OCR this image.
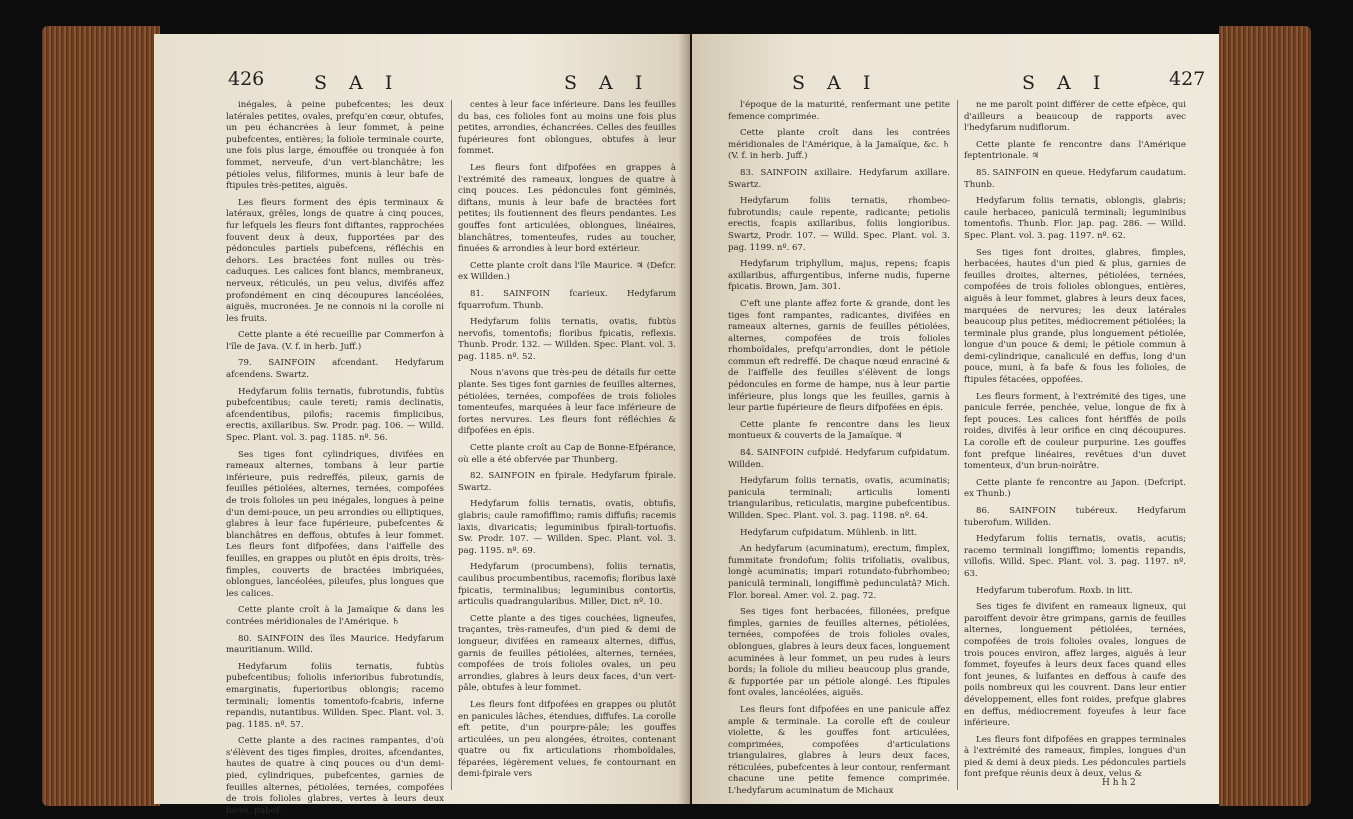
426	S A I	S A I

inégales, à peine pubefcentes; les deux latérales petites, ovales, prefqu'en cœur, obtufes, un peu échancrées à leur fommet, à peine pubefcentes, entières; la foliole terminale courte, une fois plus large, émouffée ou tronquée à fon fommet, nerveufe, d'un vert-blanchâtre; les pétioles velus, filiformes, munis à leur bafe de ftipules très-petites, aiguës.

Les fleurs forment des épis terminaux & latéraux, grêles, longs de quatre à cinq pouces, fur lefquels les fleurs font diftantes, rapprochées fouvent deux à deux, fupportées par des pédoncules partiels pubefcens, réfléchis en dehors. Les bractées font nulles ou très-caduques. Les calices font blancs, membraneux, nerveux, réticulés, un peu velus, divifés affez profondément en cinq découpures lancéolées, aiguës, mucronées. Je ne connois ni la corolle ni les fruits.

Cette plante a été recueillie par Commerfon à l'île de Java. (V. f. in herb. Juff.)

79. SAINFOIN afcendant. Hedyfarum afcendens. Swartz.

Hedyfarum foliis ternatis, fubrotundis, fubtùs pubefcentibus; caule tereti; ramis declinatis, afcendentibus, pilofis; racemis fimplicibus, erectis, axillaribus. Sw. Prodr. pag. 106. — Willd. Spec. Plant. vol. 3. pag. 1185. nº. 56.

Ses tiges font cylindriques, divifées en rameaux alternes, tombans à leur partie inférieure, puis redreffés, pileux, garnis de feuilles pétiolées, alternes, ternées, compofées de trois folioles un peu inégales, longues à peine d'un demi-pouce, un peu arrondies ou elliptiques, glabres à leur face fupérieure, pubefcentes & blanchâtres en deffous, obtufes à leur fommet. Les fleurs font difpofées, dans l'aiffelle des feuilles, en grappes ou plutôt en épis droits, très-fimples, couverts de bractées imbriquées, oblongues, lancéolées, pileufes, plus longues que les calices.

Cette plante croît à la Jamaïque & dans les contrées méridionales de l'Amérique. ♄

80. SAINFOIN des îles Maurice. Hedyfarum mauritianum. Willd.

Hedyfarum foliis ternatis, fubtùs pubefcentibus; foliolis inferioribus fubrotundis, emarginatis, fuperioribus oblongis; racemo terminali; lomentis tomentofo-fcabris, inferne repandis, nutantibus. Willden. Spec. Plant. vol. 3. pag. 1185. nº. 57.

Cette plante a des racines rampantes, d'où s'élèvent des tiges fimples, droites, afcendantes, hautes de quatre à cinq pouces ou d'un demi-pied, cylindriques, pubefcentes, garnies de feuilles alternes, pétiolées, ternées, compofées de trois folioles glabres, vertes à leurs deux faces, pubef-

centes à leur face inférieure. Dans les feuilles du bas, ces folioles font au moins une fois plus petites, arrondies, échancrées. Celles des feuilles fupérieures font oblongues, obtufes à leur fommet.

Les fleurs font difpofées en grappes à l'extrémité des rameaux, longues de quatre à cinq pouces. Les pédoncules font géminés, diftans, munis à leur bafe de bractées fort petites; ils foutiennent des fleurs pendantes. Les gouffes font articulées, oblongues, linéaires, blanchâtres, tomenteufes, rudes au toucher, finuées & arrondies à leur bord extérieur.

Cette plante croît dans l'île Maurice. ♃ (Defcr. ex Willden.)

81. SAINFOIN fcarieux. Hedyfarum fquarrofum. Thunb.

Hedyfarum foliis ternatis, ovatis, fubtùs nervofis, tomentofis; floribus fpicatis, reflexis. Thunb. Prodr. 132. — Willden. Spec. Plant. vol. 3. pag. 1185. nº. 52.

Nous n'avons que très-peu de détails fur cette plante. Ses tiges font garnies de feuilles alternes, pétiolées, ternées, compofées de trois folioles tomenteufes, marquées à leur face inférieure de fortes nervures. Les fleurs font réfléchies & difpofées en épis.

Cette plante croît au Cap de Bonne-Efpérance, où elle a été obfervée par Thunberg.

82. SAINFOIN en fpirale. Hedyfarum fpirale. Swartz.

Hedyfarum foliis ternatis, ovatis, obtufis, glabris; caule ramofiffimo; ramis diffufis; racemis laxis, divaricatis; leguminibus fpirali-tortuofis. Sw. Prodr. 107. — Willden. Spec. Plant. vol. 3. pag. 1195. nº. 69.

Hedyfarum (procumbens), foliis ternatis, caulibus procumbentibus, racemofis; floribus laxè fpicatis, terminalibus; leguminibus contortis, articulis quadrangularibus. Miller, Dict. nº. 10.

Cette plante a des tiges couchées, ligneufes, traçantes, très-rameufes, d'un pied & demi de longueur, divifées en rameaux alternes, diffus, garnis de feuilles pétiolées, alternes, ternées, compofées de trois folioles ovales, un peu arrondies, glabres à leurs deux faces, d'un vert-pâle, obtufes à leur fommet.

Les fleurs font difpofées en grappes ou plutôt en panicules lâches, étendues, diffufes. La corolle eft petite, d'un pourpre-pâle; les gouffes articulées, un peu alongées, étroites, contenant quatre ou fix articulations rhomboïdales, féparées, légèrement velues, fe contournant en demi-fpirale vers

S A I	S A I	427

l'époque de la maturité, renfermant une petite femence comprimée.

Cette plante croît dans les contrées méridionales de l'Amérique, à la Jamaïque, &c. ♄ (V. f. in herb. Juff.)

83. SAINFOIN axillaire. Hedyfarum axillare. Swartz.

Hedyfarum foliis ternatis, rhombeo-fubrotundis; caule repente, radicante; petiolis erectis, fcapis axillaribus, foliis longioribus. Swartz, Prodr. 107. — Willd. Spec. Plant. vol. 3. pag. 1199. nº. 67.

Hedyfarum triphyllum, majus, repens; fcapis axillaribus, affurgentibus, inferne nudis, fuperne fpicatis. Brown, Jam. 301.

C'eft une plante affez forte & grande, dont les tiges font rampantes, radicantes, divifées en rameaux alternes, garnis de feuilles pétiolées, alternes, compofées de trois folioles rhomboïdales, prefqu'arrondies, dont le pétiole commun eft redreffé. De chaque nœud enraciné & de l'aiffelle des feuilles s'élèvent de longs pédoncules en forme de hampe, nus à leur partie inférieure, plus longs que les feuilles, garnis à leur partie fupérieure de fleurs difpofées en épis.

Cette plante fe rencontre dans les lieux montueux & couverts de la Jamaïque. ♃

84. SAINFOIN cufpidé. Hedyfarum cufpidatum. Willden.

Hedyfarum foliis ternatis, ovatis, acuminatis; panicula terminali; articulis lomenti triangularibus, reticulatis, margine pubefcentibus. Willden. Spec. Plant. vol. 3. pag. 1198. nº. 64.

Hedyfarum cufpidatum. Mühlenb. in litt.

An hedyfarum (acuminatum), erectum, fimplex, fummitate frondofum; foliis trifoliatis, ovalibus, longè acuminatis; impari rotundato-fubrhombeo; paniculâ terminali, longiffimè pedunculatâ? Mich. Flor. boreal. Amer. vol. 2. pag. 72.

Ses tiges font herbacées, fillonées, prefque fimples, garnies de feuilles alternes, pétiolées, ternées, compofées de trois folioles ovales, oblongues, glabres à leurs deux faces, longuement acuminées à leur fommet, un peu rudes à leurs bords; la foliole du milieu beaucoup plus grande, & fupportée par un pétiole alongé. Les ftipules font ovales, lancéolées, aiguës.

Les fleurs font difpofées en une panicule affez ample & terminale. La corolle eft de couleur violette, & les gouffes font articulées, comprimées, compofées d'articulations triangulaires, glabres à leurs deux faces, réticulées, pubefcentes à leur contour, renfermant chacune une petite femence comprimée. L'hedyfarum acuminatum de Michaux

ne me paroît point différer de cette efpèce, qui d'ailleurs a beaucoup de rapports avec l'hedyfarum nudiflorum.

Cette plante fe rencontre dans l'Amérique feptentrionale. ♃

85. SAINFOIN en queue. Hedyfarum caudatum. Thunb.

Hedyfarum foliis ternatis, oblongis, glabris; caule herbaceo, paniculâ terminali; leguminibus tomentofis. Thunb. Flor. jap. pag. 286. — Willd. Spec. Plant. vol. 3. pag. 1197. nº. 62.

Ses tiges font droites, glabres, fimples, herbacées, hautes d'un pied & plus, garnies de feuilles droites, alternes, pétiolées, ternées, compofées de trois folioles oblongues, entières, aiguës à leur fommet, glabres à leurs deux faces, marquées de nervures; les deux latérales beaucoup plus petites, médiocrement pétiolées; la terminale plus grande, plus longuement pétiolée, longue d'un pouce & demi; le pétiole commun à demi-cylindrique, canaliculé en deffus, long d'un pouce, muni, à fa bafe & fous les folioles, de ftipules fétacées, oppofées.

Les fleurs forment, à l'extrémité des tiges, une panicule ferrée, penchée, velue, longue de fix à fept pouces. Les calices font hériffés de poils roides, divifés à leur orifice en cinq découpures. La corolle eft de couleur purpurine. Les gouffes font prefque linéaires, revêtues d'un duvet tomenteux, d'un brun-noirâtre.

Cette plante fe rencontre au Japon. (Defcript. ex Thunb.)

86. SAINFOIN tubéreux. Hedyfarum tuberofum. Willden.

Hedyfarum foliis ternatis, ovatis, acutis; racemo terminali longiffimo; lomentis repandis, villofis. Willd. Spec. Plant. vol. 3. pag. 1197. nº. 63.

Hedyfarum tuberofum. Roxb. in litt.

Ses tiges fe divifent en rameaux ligneux, qui paroiffent devoir être grimpans, garnis de feuilles alternes, longuement pétiolées, ternées, compofées de trois folioles ovales, longues de trois pouces environ, affez larges, aiguës à leur fommet, foyeufes à leurs deux faces quand elles font jeunes, & luifantes en deffous à caufe des poils nombreux qui les couvrent. Dans leur entier développement, elles font roides, prefque glabres en deffus, médiocrement foyeufes à leur face inférieure.

Les fleurs font difpofées en grappes terminales à l'extrémité des rameaux, fimples, longues d'un pied & demi à deux pieds. Les pédoncules partiels font prefque réunis deux à deux, velus &

H h h 2
